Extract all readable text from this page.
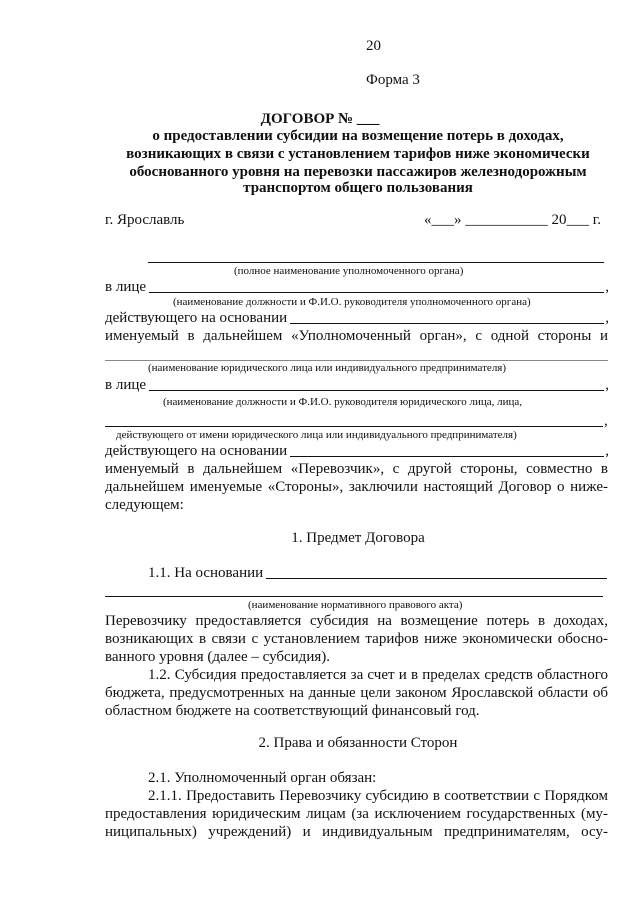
20
Форма 3
ДОГОВОР № ___
о предоставлении субсидии на возмещение потерь в доходах,
возникающих в связи с установлением тарифов ниже экономически
обоснованного уровня на перевозки пассажиров железнодорожным
транспортом общего пользования
г. Ярославль	«___» ___________ 20___ г.
(полное наименование уполномоченного органа)
в лице	,
(наименование должности и Ф.И.О. руководителя уполномоченного органа)
действующего на основании	,
именуемый в дальнейшем «Уполномоченный орган», с одной стороны и
(наименование юридического лица или индивидуального предпринимателя)
в лице	,
(наименование должности и Ф.И.О. руководителя юридического лица, лица,
,
действующего от имени юридического лица или индивидуального предпринимателя)
действующего на основании	,
именуемый в дальнейшем «Перевозчик», с другой стороны, совместно в
дальнейшем именуемые «Стороны», заключили настоящий Договор о ниже-
следующем:
1. Предмет Договора
1.1. На основании
(наименование нормативного правового акта)
Перевозчику предоставляется субсидия на возмещение потерь в доходах,
возникающих в связи с установлением тарифов ниже экономически обосно-
ванного уровня (далее – субсидия).
1.2. Субсидия предоставляется за счет и в пределах средств областного
бюджета, предусмотренных на данные цели законом Ярославской области об
областном бюджете на соответствующий финансовый год.
2. Права и обязанности Сторон
2.1. Уполномоченный орган обязан:
2.1.1. Предоставить Перевозчику субсидию в соответствии с Порядком
предоставления юридическим лицам (за исключением государственных (му-
ниципальных) учреждений) и индивидуальным предпринимателям, осу-
